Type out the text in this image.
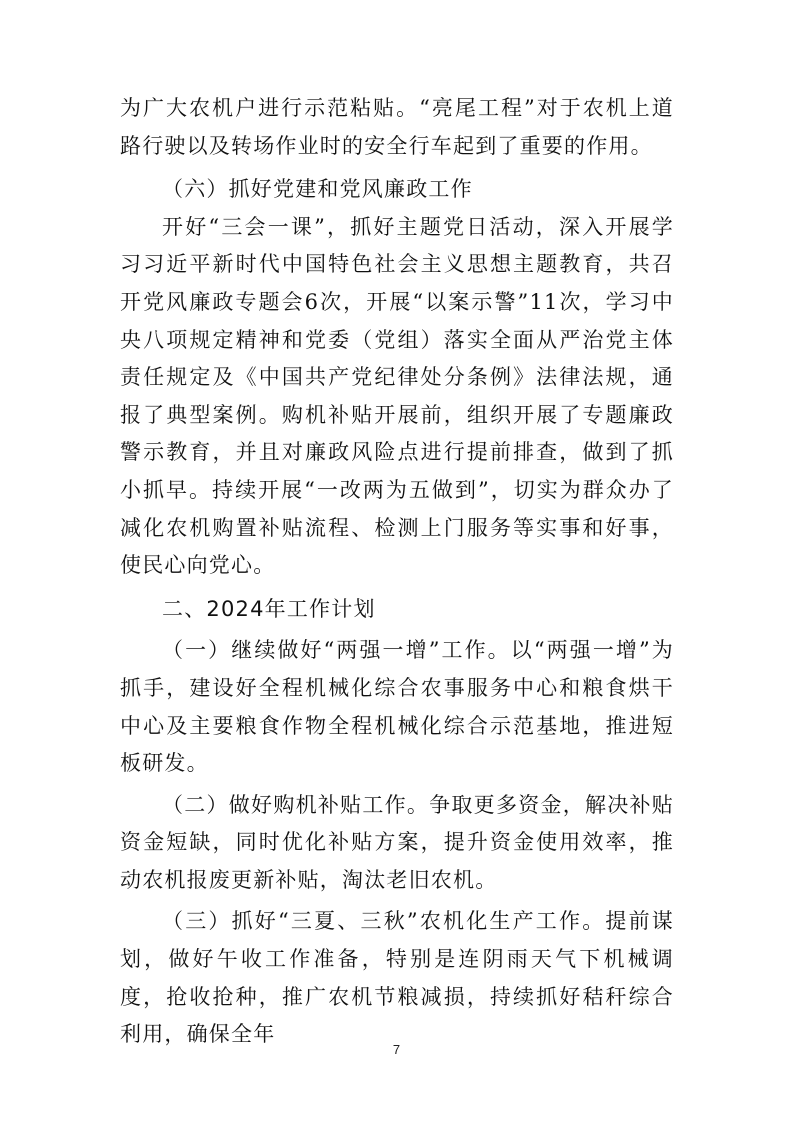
为广大农机户进行示范粘贴。“亮尾工程”对于农机上道路行驶以及转场作业时的安全行车起到了重要的作用。

（六）抓好党建和党风廉政工作

开好“三会一课”，抓好主题党日活动，深入开展学习习近平新时代中国特色社会主义思想主题教育，共召开党风廉政专题会6次，开展“以案示警”11次，学习中央八项规定精神和党委（党组）落实全面从严治党主体责任规定及《中国共产党纪律处分条例》法律法规，通报了典型案例。购机补贴开展前，组织开展了专题廉政警示教育，并且对廉政风险点进行提前排查，做到了抓小抓早。持续开展“一改两为五做到”，切实为群众办了减化农机购置补贴流程、检测上门服务等实事和好事，使民心向党心。

二、2024年工作计划

（一）继续做好“两强一增”工作。以“两强一增”为抓手，建设好全程机械化综合农事服务中心和粮食烘干中心及主要粮食作物全程机械化综合示范基地，推进短板研发。

（二）做好购机补贴工作。争取更多资金，解决补贴资金短缺，同时优化补贴方案，提升资金使用效率，推动农机报废更新补贴，淘汰老旧农机。

（三）抓好“三夏、三秋”农机化生产工作。提前谋划，做好午收工作准备，特别是连阴雨天气下机械调度，抢收抢种，推广农机节粮减损，持续抓好秸秆综合利用，确保全年

7
